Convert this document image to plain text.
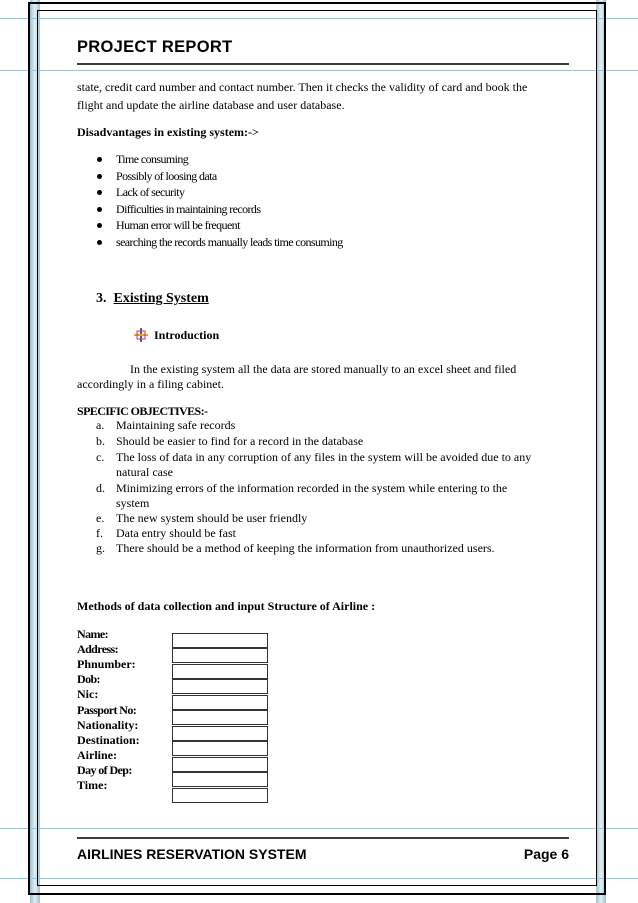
PROJECT REPORT
state, credit card number and contact number. Then it checks the validity of card and book the
flight and update the airline database and user database.
Disadvantages in existing system:->
Time consuming
Possibly of loosing data
Lack of security
Difficulties in maintaining records
Human error will be frequent
searching the records manually leads time consuming
3. Existing System
Introduction
In the existing system all the data are stored manually to an excel sheet and filed
accordingly in a filing cabinet.
SPECIFIC OBJECTIVES:-
a. Maintaining safe records
b. Should be easier to find for a record in the database
c. The loss of data in any corruption of any files in the system will be avoided due to any
natural case
d. Minimizing errors of the information recorded in the system while entering to the
system
e. The new system should be user friendly
f. Data entry should be fast
g. There should be a method of keeping the information from unauthorized users.
Methods of data collection and input Structure of Airline :
Name:
Address:
Phnumber:
Dob:
Nic:
Passport No:
Nationality:
Destination:
Airline:
Day of Dep:
Time:
AIRLINES RESERVATION SYSTEM	Page 6
